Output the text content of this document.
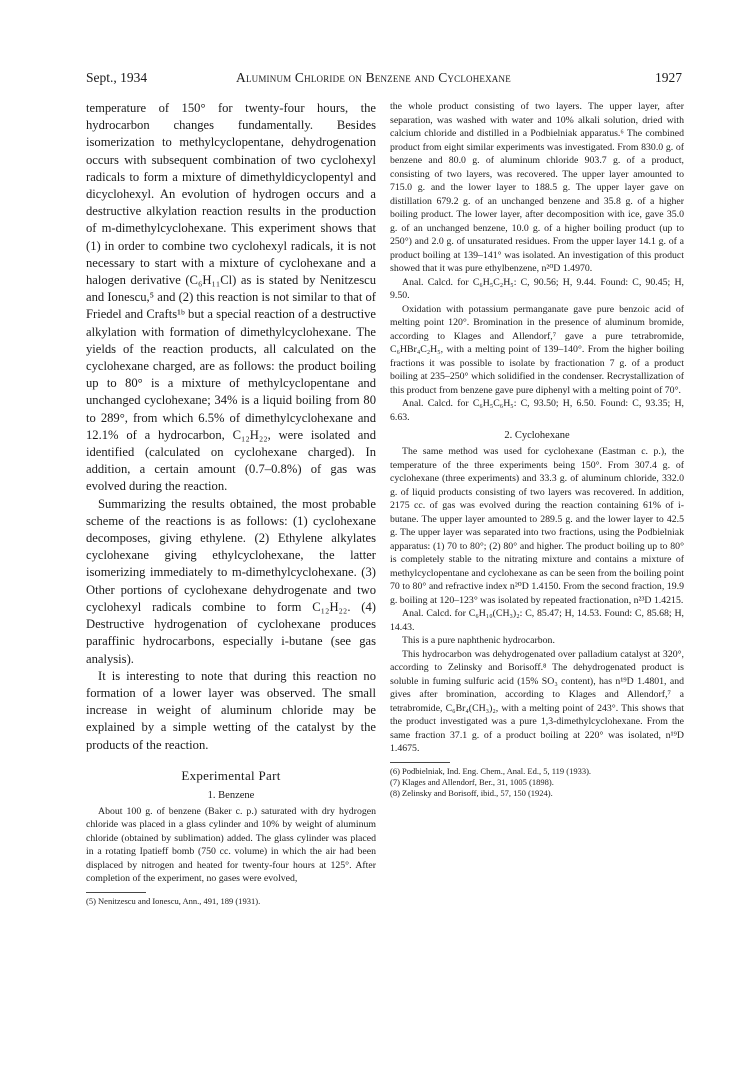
Sept., 1934	Aluminum Chloride on Benzene and Cyclohexane	1927

temperature of 150° for twenty-four hours, the hydrocarbon changes fundamentally. Besides isomerization to methylcyclopentane, dehydrogenation occurs with subsequent combination of two cyclohexyl radicals to form a mixture of dimethyldicyclopentyl and dicyclohexyl. An evolution of hydrogen occurs and a destructive alkylation reaction results in the production of m-dimethylcyclohexane. This experiment shows that (1) in order to combine two cyclohexyl radicals, it is not necessary to start with a mixture of cyclohexane and a halogen derivative (C₆H₁₁Cl) as is stated by Nenitzescu and Ionescu,⁵ and (2) this reaction is not similar to that of Friedel and Crafts¹ᵇ but a special reaction of a destructive alkylation with formation of dimethylcyclohexane. The yields of the reaction products, all calculated on the cyclohexane charged, are as follows: the product boiling up to 80° is a mixture of methylcyclopentane and unchanged cyclohexane; 34% is a liquid boiling from 80 to 289°, from which 6.5% of dimethylcyclohexane and 12.1% of a hydrocarbon, C₁₂H₂₂, were isolated and identified (calculated on cyclohexane charged). In addition, a certain amount (0.7–0.8%) of gas was evolved during the reaction.

Summarizing the results obtained, the most probable scheme of the reactions is as follows: (1) cyclohexane decomposes, giving ethylene. (2) Ethylene alkylates cyclohexane giving ethylcyclohexane, the latter isomerizing immediately to m-dimethylcyclohexane. (3) Other portions of cyclohexane dehydrogenate and two cyclohexyl radicals combine to form C₁₂H₂₂. (4) Destructive hydrogenation of cyclohexane produces paraffinic hydrocarbons, especially i-butane (see gas analysis).

It is interesting to note that during this reaction no formation of a lower layer was observed. The small increase in weight of aluminum chloride may be explained by a simple wetting of the catalyst by the products of the reaction.

Experimental Part
1. Benzene

About 100 g. of benzene (Baker c. p.) saturated with dry hydrogen chloride was placed in a glass cylinder and 10% by weight of aluminum chloride (obtained by sublimation) added. The glass cylinder was placed in a rotating Ipatieff bomb (750 cc. volume) in which the air had been displaced by nitrogen and heated for twenty-four hours at 125°. After completion of the experiment, no gases were evolved,

(5) Nenitzescu and Ionescu, Ann., 491, 189 (1931).

the whole product consisting of two layers. The upper layer, after separation, was washed with water and 10% alkali solution, dried with calcium chloride and distilled in a Podbielniak apparatus.⁶ The combined product from eight similar experiments was investigated. From 830.0 g. of benzene and 80.0 g. of aluminum chloride 903.7 g. of a product, consisting of two layers, was recovered. The upper layer amounted to 715.0 g. and the lower layer to 188.5 g. The upper layer gave on distillation 679.2 g. of an unchanged benzene and 35.8 g. of a higher boiling product. The lower layer, after decomposition with ice, gave 35.0 g. of an unchanged benzene, 10.0 g. of a higher boiling product (up to 250°) and 2.0 g. of unsaturated residues. From the upper layer 14.1 g. of a product boiling at 139–141° was isolated. An investigation of this product showed that it was pure ethylbenzene, n²⁰D 1.4970.

Anal. Calcd. for C₆H₅C₂H₅: C, 90.56; H, 9.44. Found: C, 90.45; H, 9.50.

Oxidation with potassium permanganate gave pure benzoic acid of melting point 120°. Bromination in the presence of aluminum bromide, according to Klages and Allendorf,⁷ gave a pure tetrabromide, C₆HBr₄C₂H₅, with a melting point of 139–140°. From the higher boiling fractions it was possible to isolate by fractionation 7 g. of a product boiling at 235–250° which solidified in the condenser. Recrystallization of this product from benzene gave pure diphenyl with a melting point of 70°.

Anal. Calcd. for C₆H₅C₆H₅: C, 93.50; H, 6.50. Found: C, 93.35; H, 6.63.

2. Cyclohexane

The same method was used for cyclohexane (Eastman c. p.), the temperature of the three experiments being 150°. From 307.4 g. of cyclohexane (three experiments) and 33.3 g. of aluminum chloride, 332.0 g. of liquid products consisting of two layers was recovered. In addition, 2175 cc. of gas was evolved during the reaction containing 61% of i-butane. The upper layer amounted to 289.5 g. and the lower layer to 42.5 g. The upper layer was separated into two fractions, using the Podbielniak apparatus: (1) 70 to 80°; (2) 80° and higher. The product boiling up to 80° is completely stable to the nitrating mixture and contains a mixture of methylcyclopentane and cyclohexane as can be seen from the boiling point 70 to 80° and refractive index n²⁰D 1.4150. From the second fraction, 19.9 g. boiling at 120–123° was isolated by repeated fractionation, n²³D 1.4215.

Anal. Calcd. for C₆H₁₀(CH₃)₂: C, 85.47; H, 14.53. Found: C, 85.68; H, 14.43.

This is a pure naphthenic hydrocarbon.

This hydrocarbon was dehydrogenated over palladium catalyst at 320°, according to Zelinsky and Borisoff.⁸ The dehydrogenated product is soluble in fuming sulfuric acid (15% SO₃ content), has n¹⁹D 1.4801, and gives after bromination, according to Klages and Allendorf,⁷ a tetrabromide, C₆Br₄(CH₃)₂, with a melting point of 243°. This shows that the product investigated was a pure 1,3-dimethylcyclohexane. From the same fraction 37.1 g. of a product boiling at 220° was isolated, n¹⁹D 1.4675.

(6) Podbielniak, Ind. Eng. Chem., Anal. Ed., 5, 119 (1933).
(7) Klages and Allendorf, Ber., 31, 1005 (1898).
(8) Zelinsky and Borisoff, ibid., 57, 150 (1924).
